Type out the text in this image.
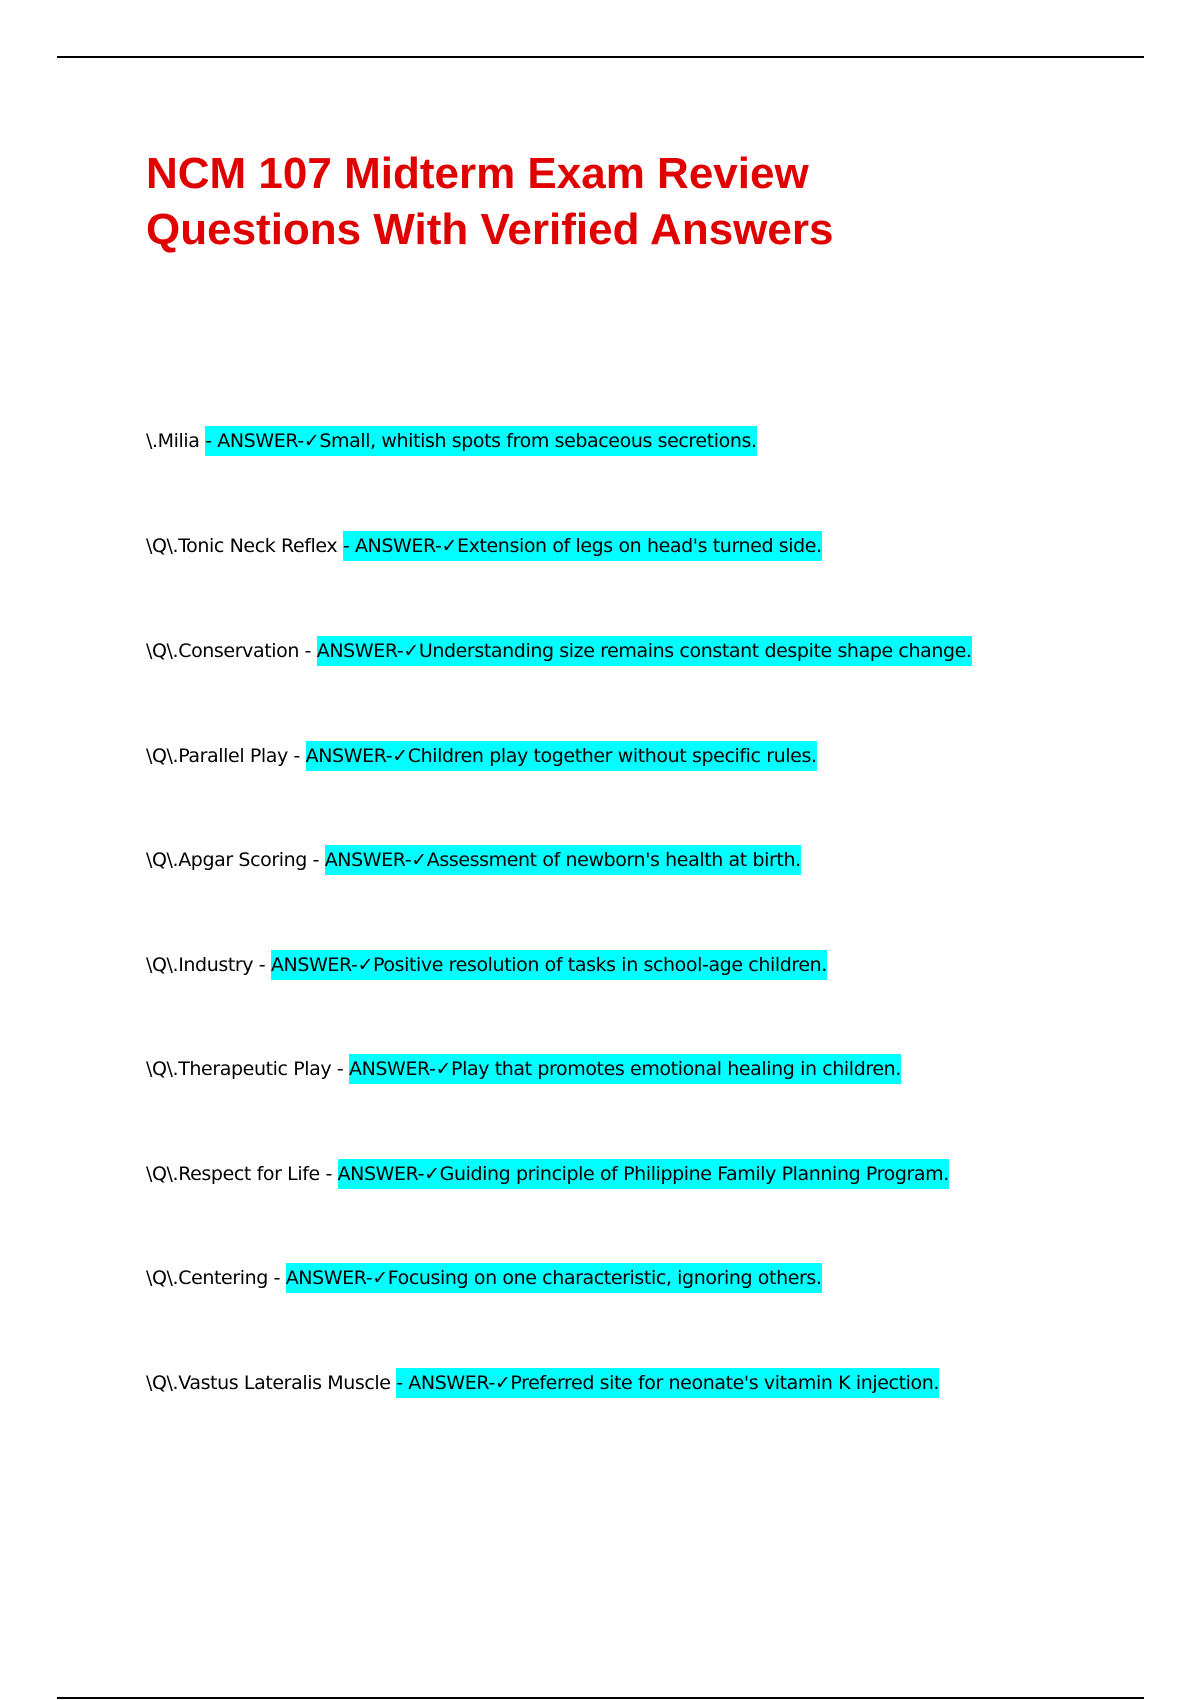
NCM 107 Midterm Exam Review
Questions With Verified Answers
\.Milia - ANSWER-✓Small, whitish spots from sebaceous secretions.
\Q\.Tonic Neck Reflex - ANSWER-✓Extension of legs on head's turned side.
\Q\.Conservation - ANSWER-✓Understanding size remains constant despite shape change.
\Q\.Parallel Play - ANSWER-✓Children play together without specific rules.
\Q\.Apgar Scoring - ANSWER-✓Assessment of newborn's health at birth.
\Q\.Industry - ANSWER-✓Positive resolution of tasks in school-age children.
\Q\.Therapeutic Play - ANSWER-✓Play that promotes emotional healing in children.
\Q\.Respect for Life - ANSWER-✓Guiding principle of Philippine Family Planning Program.
\Q\.Centering - ANSWER-✓Focusing on one characteristic, ignoring others.
\Q\.Vastus Lateralis Muscle - ANSWER-✓Preferred site for neonate's vitamin K injection.
